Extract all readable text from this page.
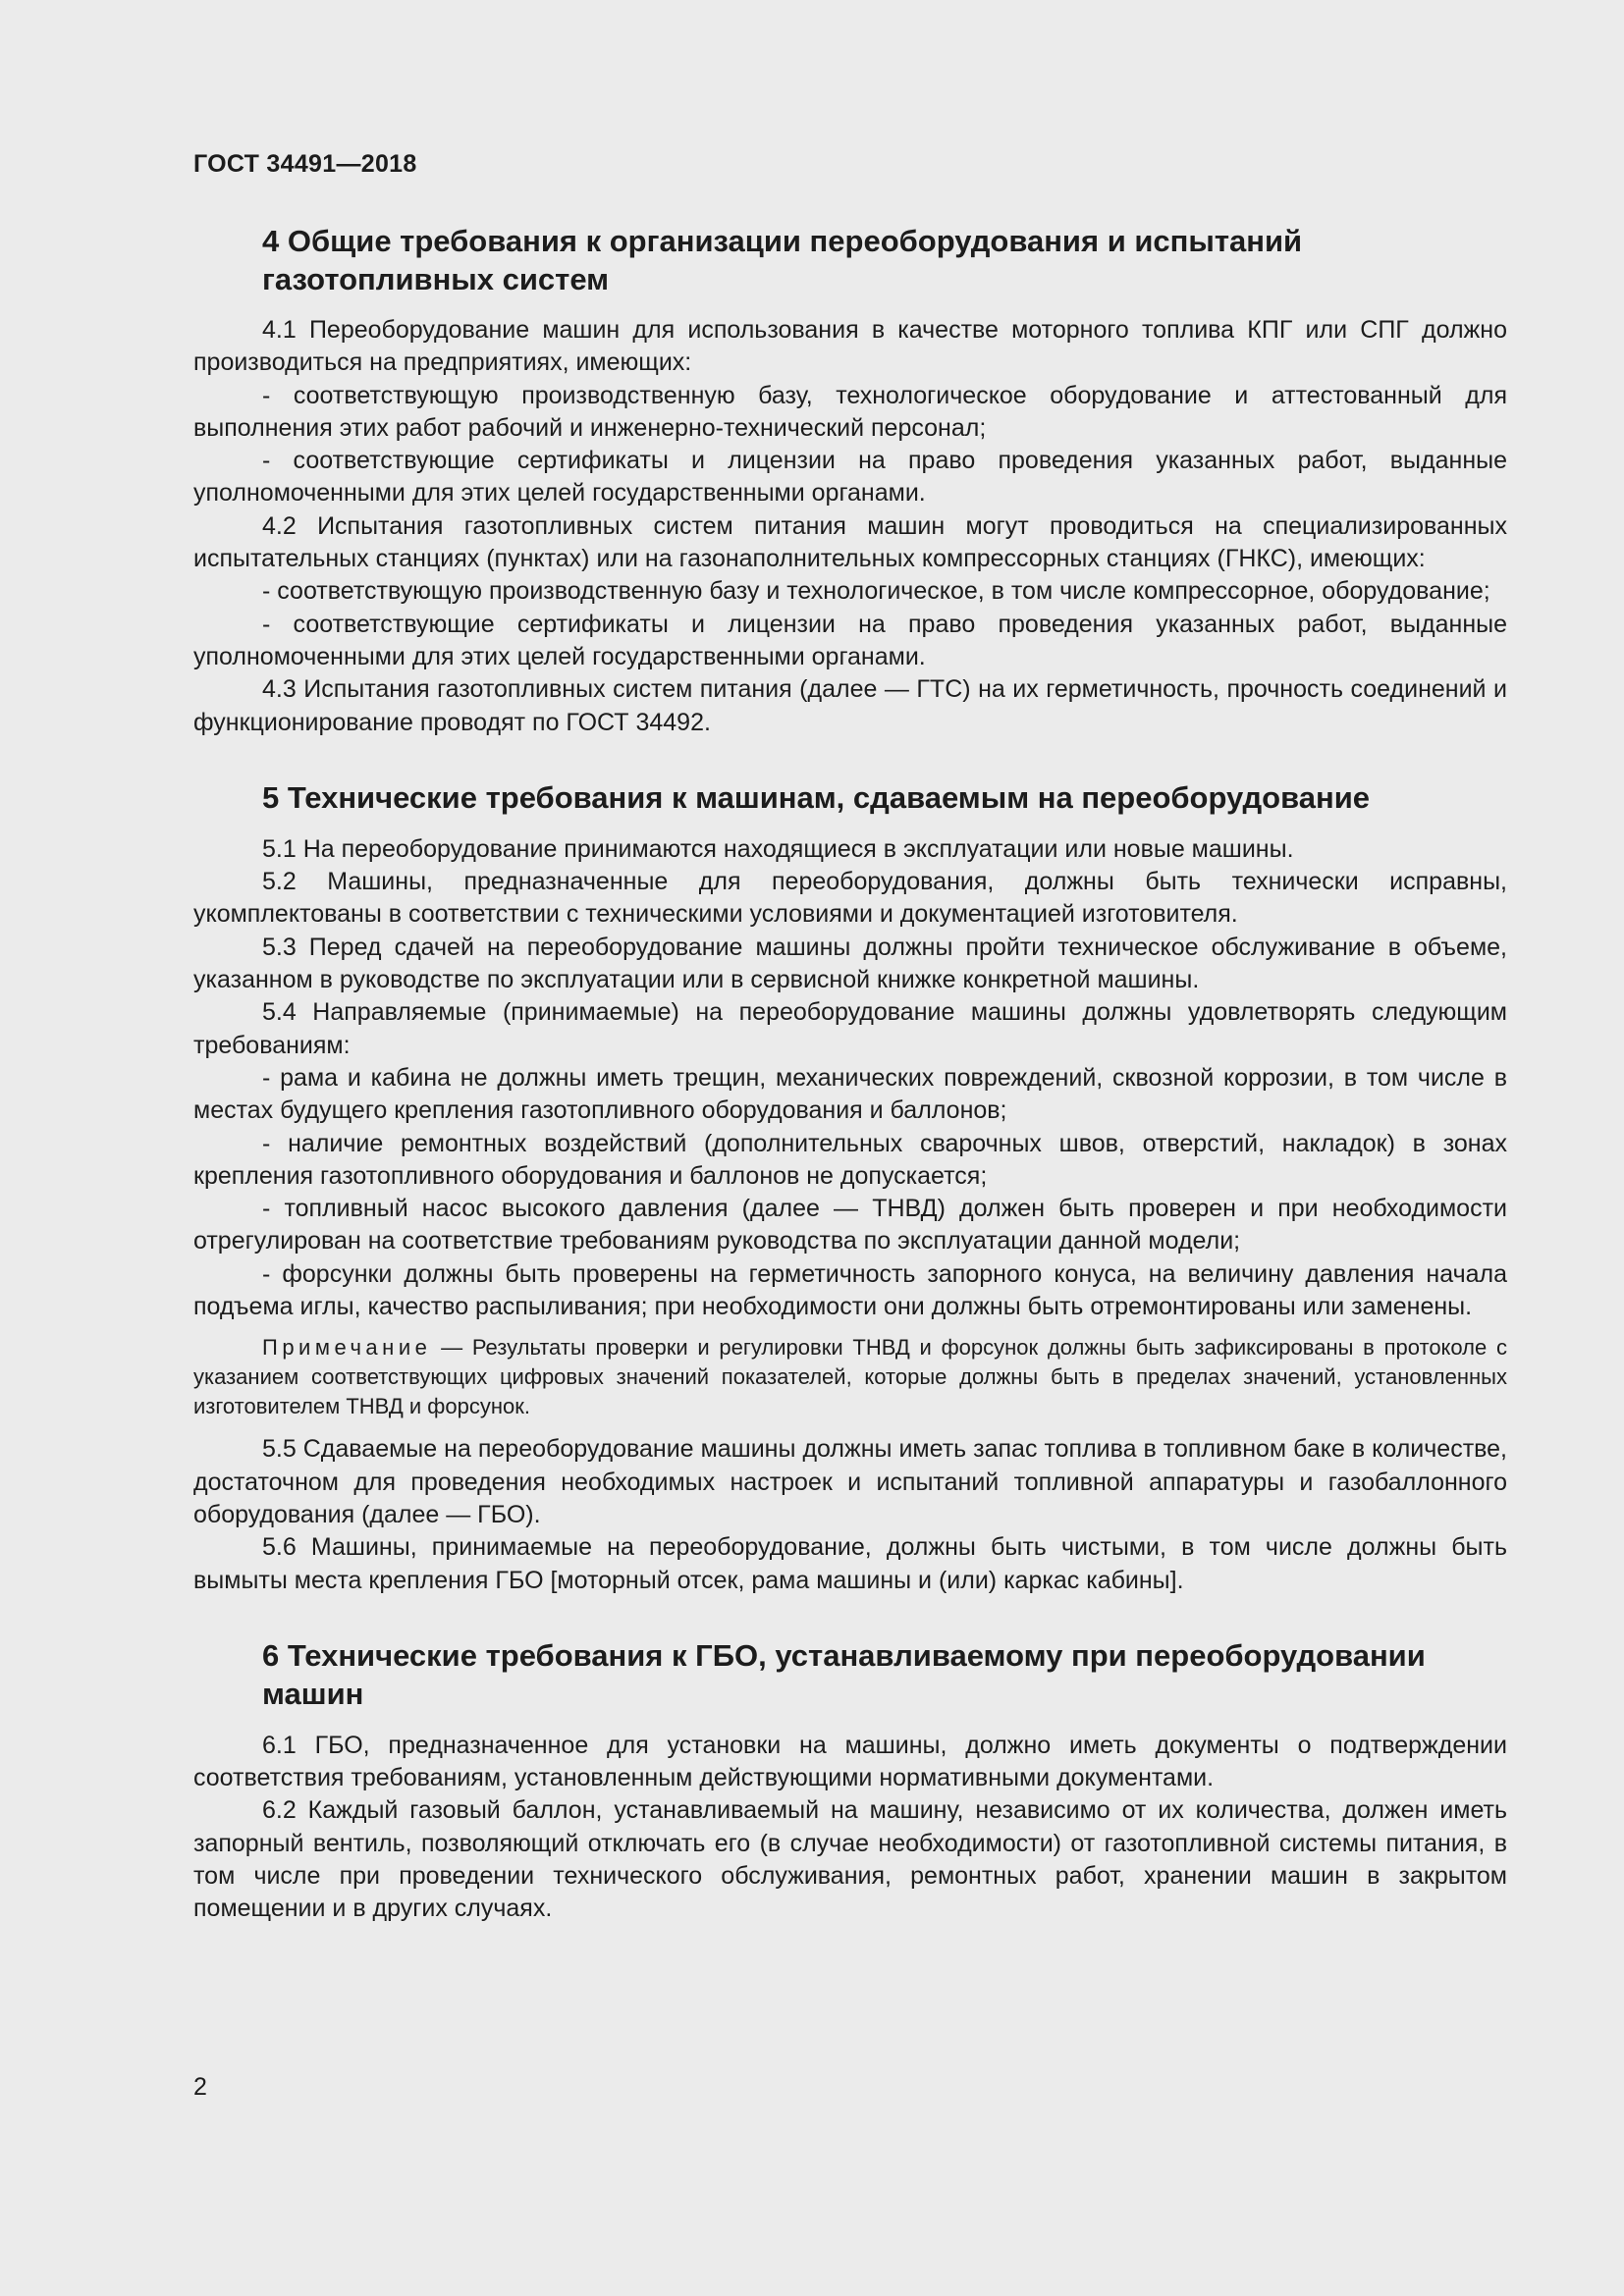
ГОСТ 34491—2018

4 Общие требования к организации переоборудования и испытаний газотопливных систем

4.1 Переоборудование машин для использования в качестве моторного топлива КПГ или СПГ должно производиться на предприятиях, имеющих:

- соответствующую производственную базу, технологическое оборудование и аттестованный для выполнения этих работ рабочий и инженерно-технический персонал;

- соответствующие сертификаты и лицензии на право проведения указанных работ, выданные уполномоченными для этих целей государственными органами.

4.2 Испытания газотопливных систем питания машин могут проводиться на специализированных испытательных станциях (пунктах) или на газонаполнительных компрессорных станциях (ГНКС), имеющих:

- соответствующую производственную базу и технологическое, в том числе компрессорное, оборудование;

- соответствующие сертификаты и лицензии на право проведения указанных работ, выданные уполномоченными для этих целей государственными органами.

4.3 Испытания газотопливных систем питания (далее — ГТС) на их герметичность, прочность соединений и функционирование проводят по ГОСТ 34492.

5 Технические требования к машинам, сдаваемым на переоборудование

5.1 На переоборудование принимаются находящиеся в эксплуатации или новые машины.

5.2 Машины, предназначенные для переоборудования, должны быть технически исправны, укомплектованы в соответствии с техническими условиями и документацией изготовителя.

5.3 Перед сдачей на переоборудование машины должны пройти техническое обслуживание в объеме, указанном в руководстве по эксплуатации или в сервисной книжке конкретной машины.

5.4 Направляемые (принимаемые) на переоборудование машины должны удовлетворять следующим требованиям:

- рама и кабина не должны иметь трещин, механических повреждений, сквозной коррозии, в том числе в местах будущего крепления газотопливного оборудования и баллонов;

- наличие ремонтных воздействий (дополнительных сварочных швов, отверстий, накладок) в зонах крепления газотопливного оборудования и баллонов не допускается;

- топливный насос высокого давления (далее — ТНВД) должен быть проверен и при необходимости отрегулирован на соответствие требованиям руководства по эксплуатации данной модели;

- форсунки должны быть проверены на герметичность запорного конуса, на величину давления начала подъема иглы, качество распыливания; при необходимости они должны быть отремонтированы или заменены.

Примечание — Результаты проверки и регулировки ТНВД и форсунок должны быть зафиксированы в протоколе с указанием соответствующих цифровых значений показателей, которые должны быть в пределах значений, установленных изготовителем ТНВД и форсунок.

5.5 Сдаваемые на переоборудование машины должны иметь запас топлива в топливном баке в количестве, достаточном для проведения необходимых настроек и испытаний топливной аппаратуры и газобаллонного оборудования (далее — ГБО).

5.6 Машины, принимаемые на переоборудование, должны быть чистыми, в том числе должны быть вымыты места крепления ГБО [моторный отсек, рама машины и (или) каркас кабины].

6 Технические требования к ГБО, устанавливаемому при переоборудовании машин

6.1 ГБО, предназначенное для установки на машины, должно иметь документы о подтверждении соответствия требованиям, установленным действующими нормативными документами.

6.2 Каждый газовый баллон, устанавливаемый на машину, независимо от их количества, должен иметь запорный вентиль, позволяющий отключать его (в случае необходимости) от газотопливной системы питания, в том числе при проведении технического обслуживания, ремонтных работ, хранении машин в закрытом помещении и в других случаях.

2
